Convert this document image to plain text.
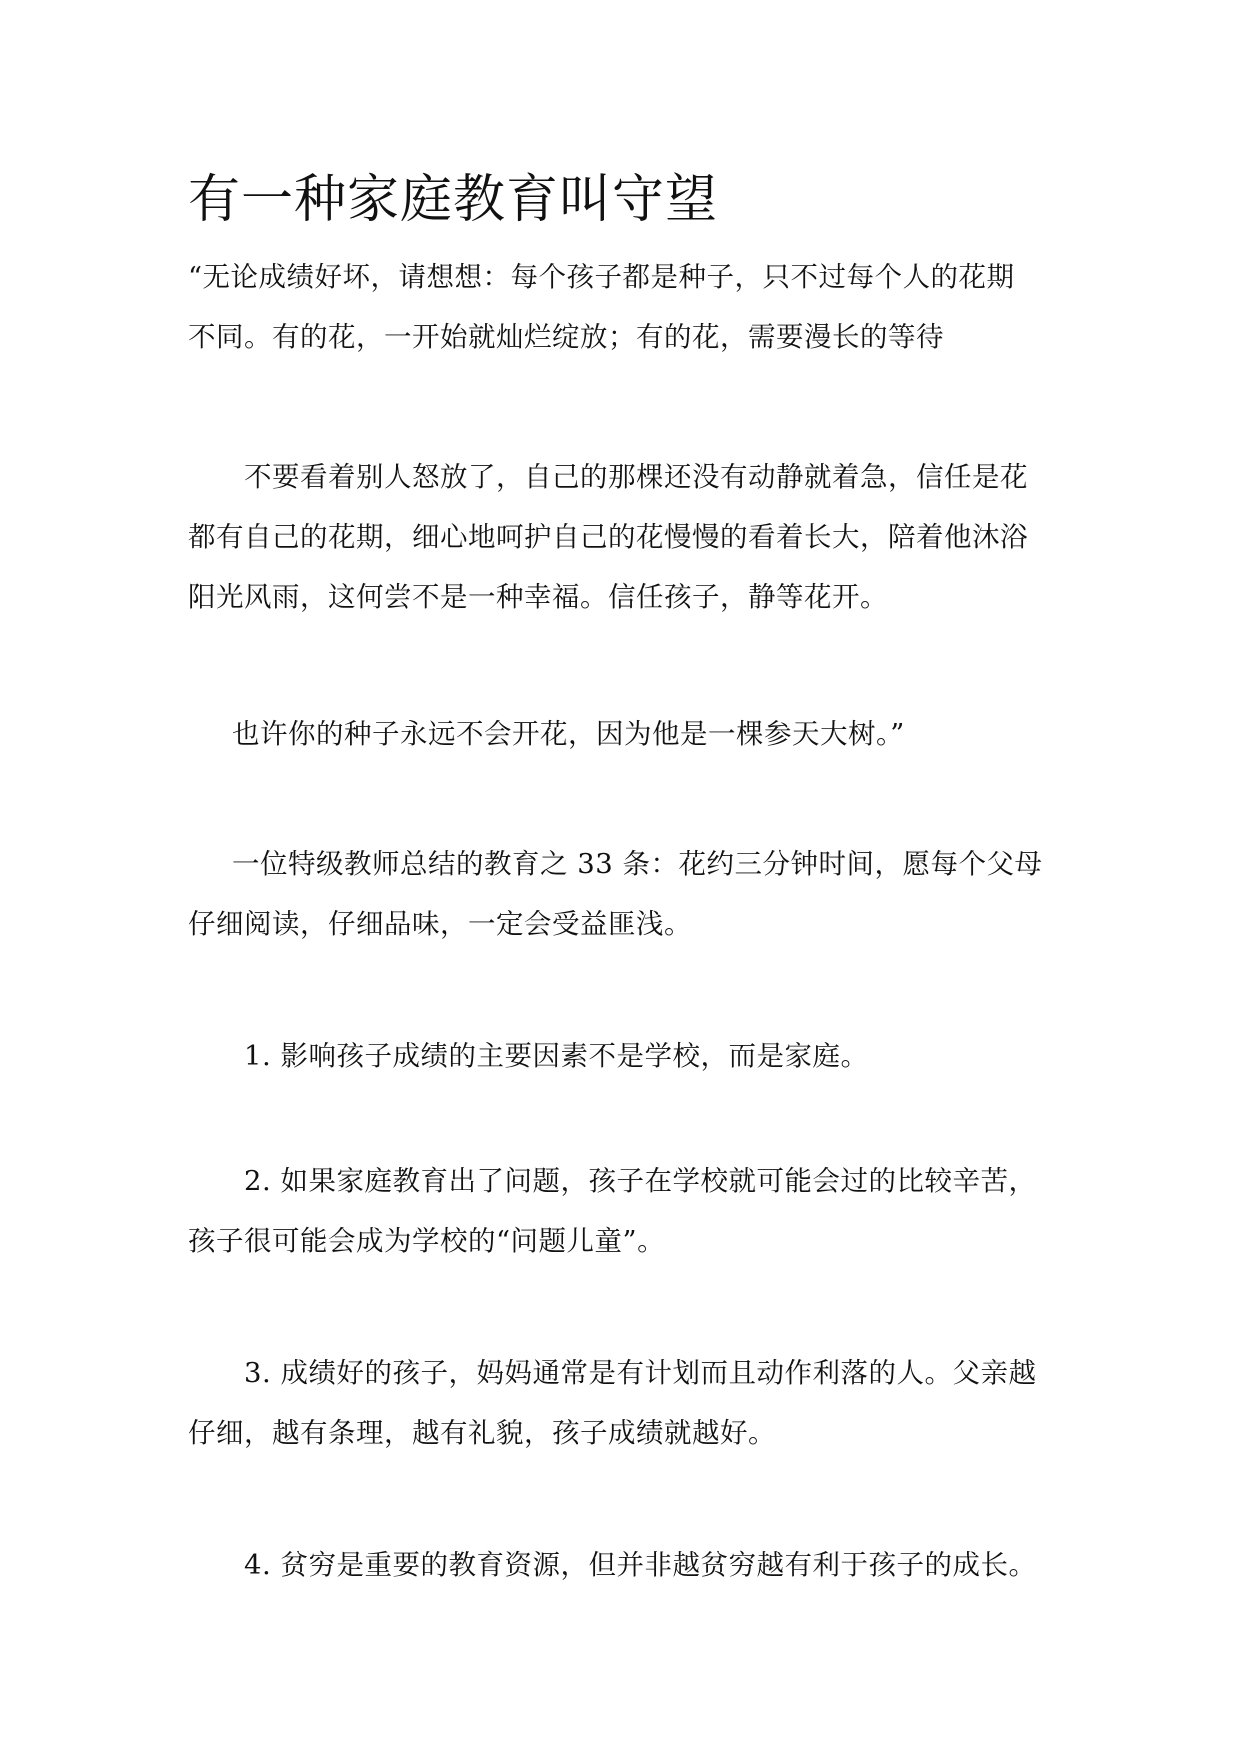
有一种家庭教育叫守望

“无论成绩好坏，请想想：每个孩子都是种子，只不过每个人的花期
不同。有的花，一开始就灿烂绽放；有的花，需要漫长的等待

不要看着别人怒放了，自己的那棵还没有动静就着急，信任是花
都有自己的花期，细心地呵护自己的花慢慢的看着长大，陪着他沐浴
阳光风雨，这何尝不是一种幸福。信任孩子，静等花开。

也许你的种子永远不会开花，因为他是一棵参天大树。”

一位特级教师总结的教育之 33 条：花约三分钟时间，愿每个父母
仔细阅读，仔细品味，一定会受益匪浅。

1. 影响孩子成绩的主要因素不是学校，而是家庭。

2. 如果家庭教育出了问题，孩子在学校就可能会过的比较辛苦，
孩子很可能会成为学校的“问题儿童”。

3. 成绩好的孩子，妈妈通常是有计划而且动作利落的人。父亲越
仔细，越有条理，越有礼貌，孩子成绩就越好。

4. 贫穷是重要的教育资源，但并非越贫穷越有利于孩子的成长。
